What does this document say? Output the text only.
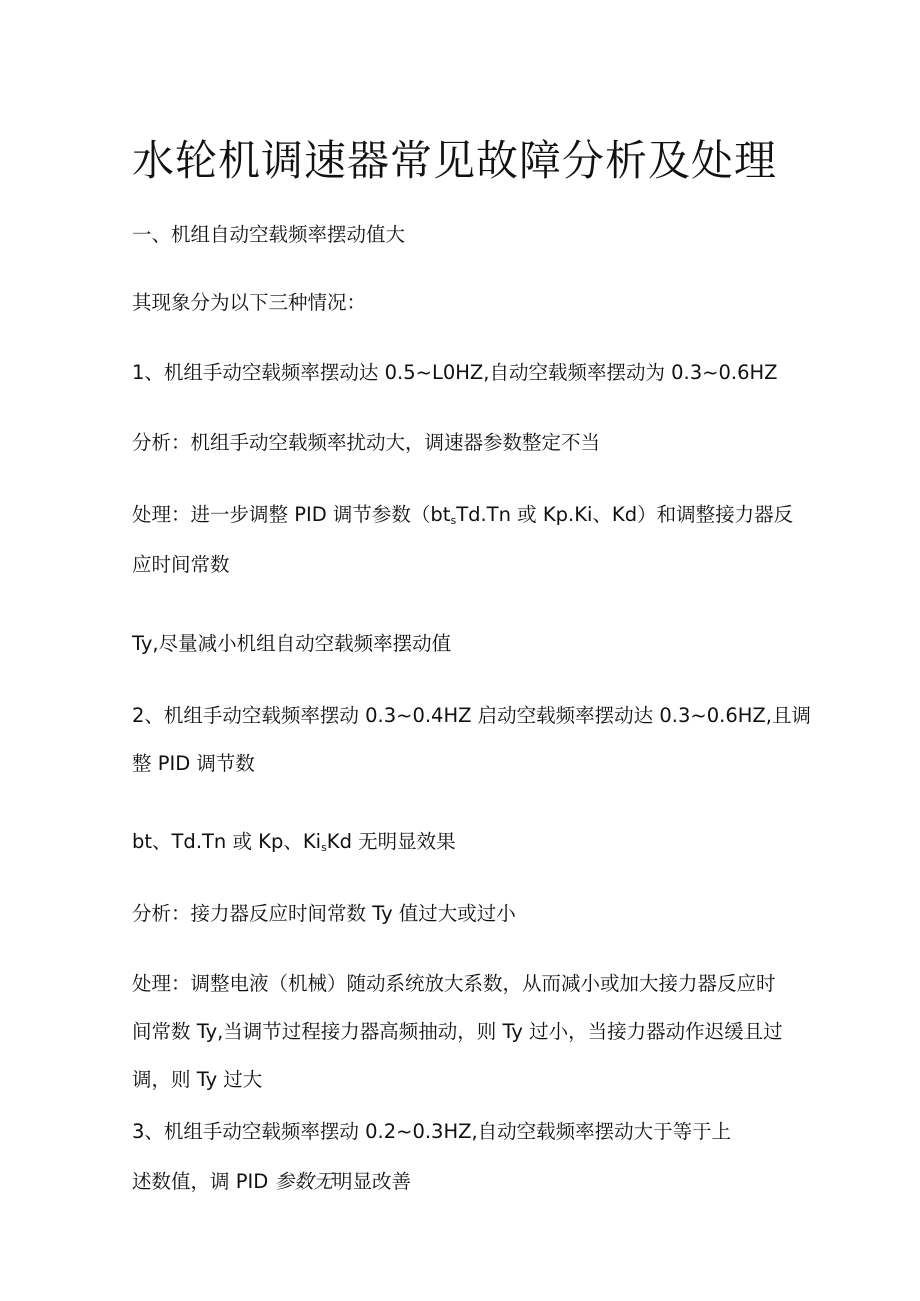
水轮机调速器常见故障分析及处理
一、机组自动空载频率摆动值大
其现象分为以下三种情况：
1、机组手动空载频率摆动达 0.5~L0HZ,自动空载频率摆动为 0.3~0.6HZ
分析：机组手动空载频率扰动大，调速器参数整定不当
处理：进一步调整 PID 调节参数（$bt_sTd.Tn$ 或 Kp.Ki、Kd）和调整接力器反
应时间常数
Ty,尽量减小机组自动空载频率摆动值
2、机组手动空载频率摆动 0.3~0.4HZ 启动空载频率摆动达 0.3~0.6HZ,且调
整 PID 调节数
bt、Td.Tn 或 Kp、$Ki_sKd$ 无明显效果
分析：接力器反应时间常数 Ty 值过大或过小
处理：调整电液（机械）随动系统放大系数，从而减小或加大接力器反应时
间常数 Ty,当调节过程接力器高频抽动，则 Ty 过小，当接力器动作迟缓且过
调，则 Ty 过大
3、机组手动空载频率摆动 0.2~0.3HZ,自动空载频率摆动大于等于上
述数值，调 PID 参数无明显改善
